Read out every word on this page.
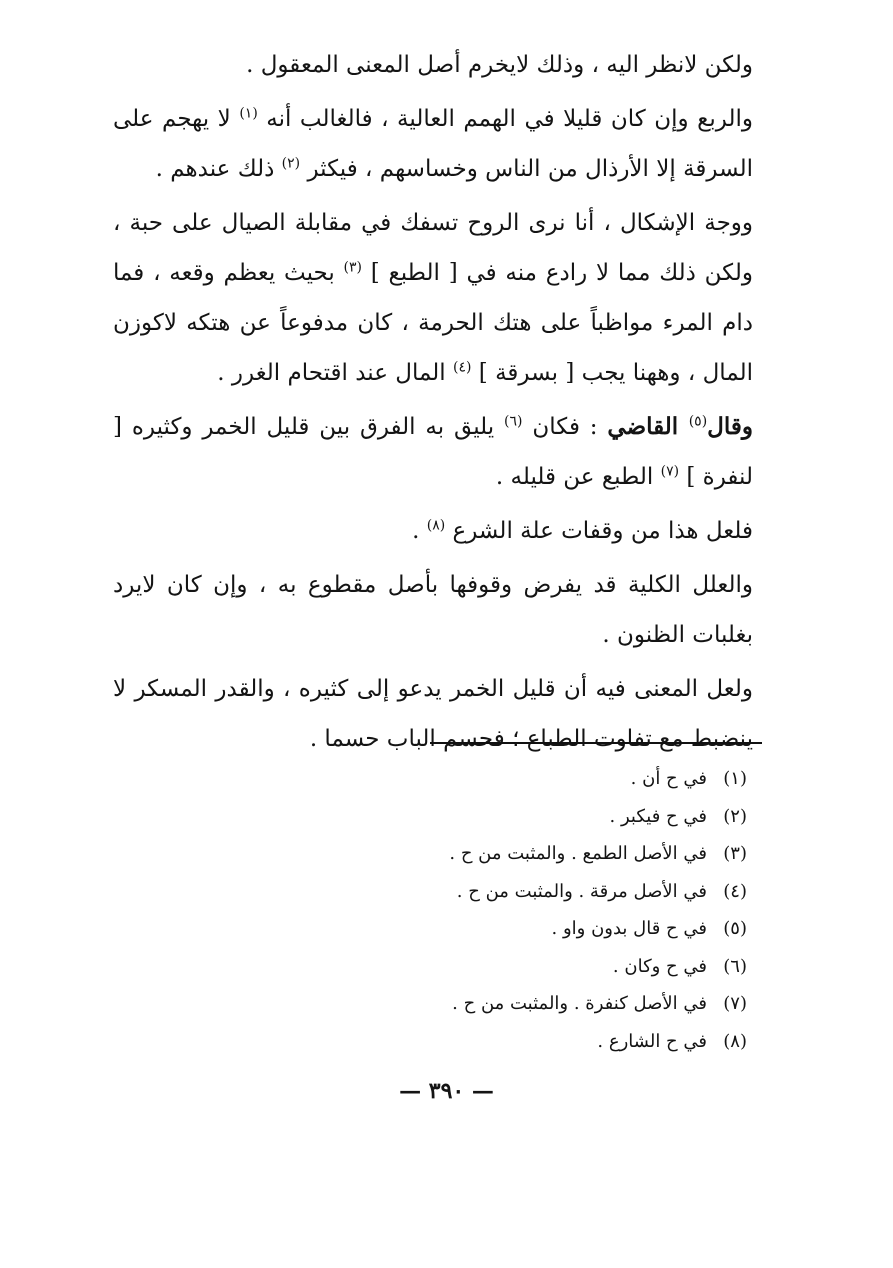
ولكن لانظر اليه ، وذلك لايخرم أصل المعنى المعقول .

والربع وإن كان قليلا في الهمم العالية ، فالغالب أنه $^{(١)}$ لا يهجم على السرقة إلا الأرذال من الناس وخساسهم ، فيكثر $^{(٢)}$ ذلك عندهم .

ووجة الإشكال ، أنا نرى الروح تسفك في مقابلة الصيال على حبة ، ولكن ذلك مما لا رادع منه في [ الطبع ] $^{(٣)}$ بحيث يعظم وقعه ، فما دام المرء مواظباً على هتك الحرمة ، كان مدفوعاً عن هتكه لاكوزن المال ، وههنا يجب [ بسرقة ] $^{(٤)}$ المال عند اقتحام الغرر .

وقال$^{(٥)}$ القاضي : فكان $^{(٦)}$ يليق به الفرق بين قليل الخمر وكثيره [ لنفرة ] $^{(٧)}$ الطبع عن قليله .

فلعل هذا من وقفات علة الشرع $^{(٨)}$ .

والعلل الكلية قد يفرض وقوفها بأصل مقطوع به ، وإن كان لايرد بغلبات الظنون .

ولعل المعنى فيه أن قليل الخمر يدعو إلى كثيره ، والقدر المسكر لا ينضبط مع تفاوت الطباع ؛ فحسم الباب حسما .

(١)في ح أن .
(٢)في ح فيكبر .
(٣)في الأصل الطمع . والمثبت من ح .
(٤)في الأصل مرقة . والمثبت من ح .
(٥)في ح قال بدون واو .
(٦)في ح وكان .
(٧)في الأصل كنفرة . والمثبت من ح .
(٨)في ح الشارع .
— ٣٩٠ —
